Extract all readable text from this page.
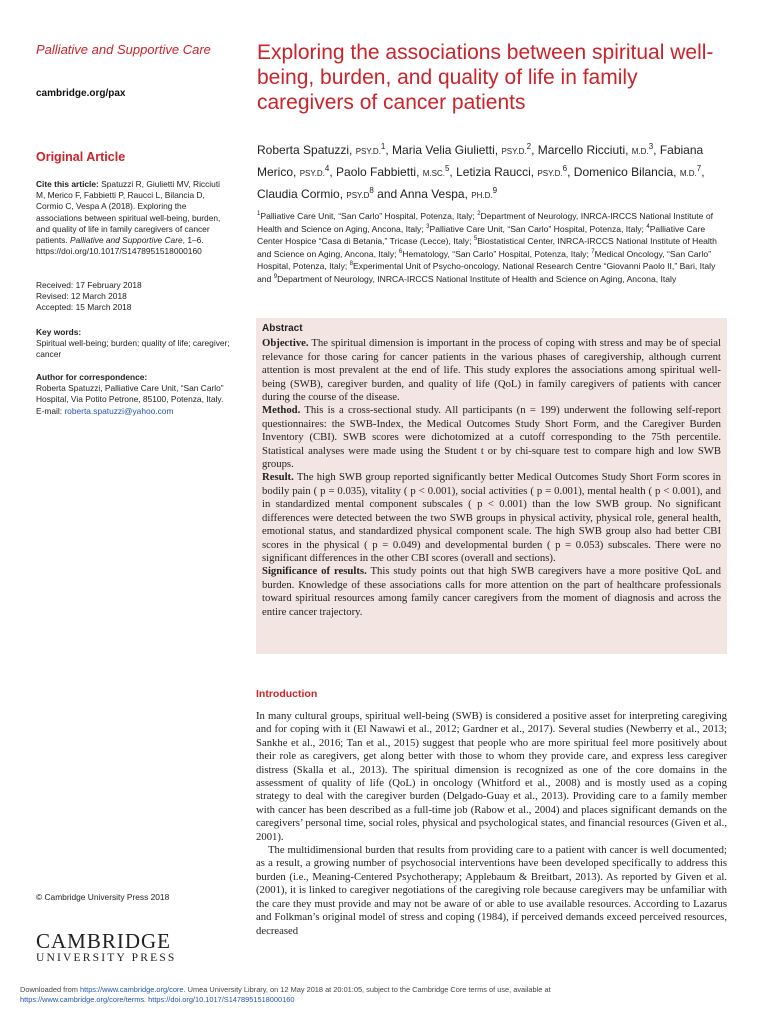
Palliative and Supportive Care
cambridge.org/pax
Exploring the associations between spiritual well-being, burden, and quality of life in family caregivers of cancer patients
Roberta Spatuzzi, PSY.D.$^1$, Maria Velia Giulietti, PSY.D.$^2$, Marcello Ricciuti, M.D.$^3$, Fabiana Merico, PSY.D.$^4$, Paolo Fabbietti, M.SC.$^5$, Letizia Raucci, PSY.D.$^6$, Domenico Bilancia, M.D.$^7$, Claudia Cormio, $PSY.D^8$ and Anna Vespa, PH.D.$^9$
$^1$Palliative Care Unit, “San Carlo” Hospital, Potenza, Italy; $^2$Department of Neurology, INRCA-IRCCS National Institute of Health and Science on Aging, Ancona, Italy; $^3$Palliative Care Unit, “San Carlo” Hospital, Potenza, Italy; $^4$Palliative Care Center Hospice “Casa di Betania,” Tricase (Lecce), Italy; $^5$Biostatistical Center, INRCA-IRCCS National Institute of Health and Science on Aging, Ancona, Italy; $^6$Hematology, “San Carlo” Hospital, Potenza, Italy; $^7$Medical Oncology, “San Carlo” Hospital, Potenza, Italy; $^8$Experimental Unit of Psycho-oncology, National Research Centre “Giovanni Paolo II,” Bari, Italy and $^9$Department of Neurology, INRCA-IRCCS National Institute of Health and Science on Aging, Ancona, Italy
Original Article
Cite this article: Spatuzzi R, Giulietti MV, Ricciuti M, Merico F, Fabbietti P, Raucci L, Bilancia D, Cormio C, Vespa A (2018). Exploring the associations between spiritual well-being, burden, and quality of life in family caregivers of cancer patients. Palliative and Supportive Care, 1–6. https://doi.org/10.1017/S1478951518000160
Received: 17 February 2018
Revised: 12 March 2018
Accepted: 15 March 2018
Key words:
Spiritual well-being; burden; quality of life; caregiver; cancer
Author for correspondence:
Roberta Spatuzzi, Palliative Care Unit, “San Carlo” Hospital, Via Potito Petrone, 85100, Potenza, Italy. E-mail: roberta.spatuzzi@yahoo.com
Abstract

Objective. The spiritual dimension is important in the process of coping with stress and may be of special relevance for those caring for cancer patients in the various phases of caregivership, although current attention is most prevalent at the end of life. This study explores the associations among spiritual well-being (SWB), caregiver burden, and quality of life (QoL) in family caregivers of patients with cancer during the course of the disease.

Method. This is a cross-sectional study. All participants (n = 199) underwent the following self-report questionnaires: the SWB-Index, the Medical Outcomes Study Short Form, and the Caregiver Burden Inventory (CBI). SWB scores were dichotomized at a cutoff corresponding to the 75th percentile. Statistical analyses were made using the Student t or by chi-square test to compare high and low SWB groups.

Result. The high SWB group reported significantly better Medical Outcomes Study Short Form scores in bodily pain ( p = 0.035), vitality ( p < 0.001), social activities ( p = 0.001), mental health ( p < 0.001), and in standardized mental component subscales ( p < 0.001) than the low SWB group. No significant differences were detected between the two SWB groups in physical activity, physical role, general health, emotional status, and standardized physical component scale. The high SWB group also had better CBI scores in the physical ( p = 0.049) and developmental burden ( p = 0.053) subscales. There were no significant differences in the other CBI scores (overall and sections).

Significance of results. This study points out that high SWB caregivers have a more positive QoL and burden. Knowledge of these associations calls for more attention on the part of healthcare professionals toward spiritual resources among family cancer caregivers from the moment of diagnosis and across the entire cancer trajectory.

Introduction

In many cultural groups, spiritual well-being (SWB) is considered a positive asset for interpreting caregiving and for coping with it (El Nawawi et al., 2012; Gardner et al., 2017). Several studies (Newberry et al., 2013; Sankhe et al., 2016; Tan et al., 2015) suggest that people who are more spiritual feel more positively about their role as caregivers, get along better with those to whom they provide care, and express less caregiver distress (Skalla et al., 2013). The spiritual dimension is recognized as one of the core domains in the assessment of quality of life (QoL) in oncology (Whitford et al., 2008) and is mostly used as a coping strategy to deal with the caregiver burden (Delgado-Guay et al., 2013). Providing care to a family member with cancer has been described as a full-time job (Rabow et al., 2004) and places significant demands on the caregivers’ personal time, social roles, physical and psychological states, and financial resources (Given et al., 2001).

The multidimensional burden that results from providing care to a patient with cancer is well documented; as a result, a growing number of psychosocial interventions have been developed specifically to address this burden (i.e., Meaning-Centered Psychotherapy; Applebaum & Breitbart, 2013). As reported by Given et al. (2001), it is linked to caregiver negotiations of the caregiving role because caregivers may be unfamiliar with the care they must provide and may not be aware of or able to use available resources. According to Lazarus and Folkman’s original model of stress and coping (1984), if perceived demands exceed perceived resources, decreased

© Cambridge University Press 2018
CAMBRIDGE
UNIVERSITY PRESS
Downloaded from https://www.cambridge.org/core. Umea University Library, on 12 May 2018 at 20:01:05, subject to the Cambridge Core terms of use, available at
https://www.cambridge.org/core/terms. https://doi.org/10.1017/S1478951518000160
